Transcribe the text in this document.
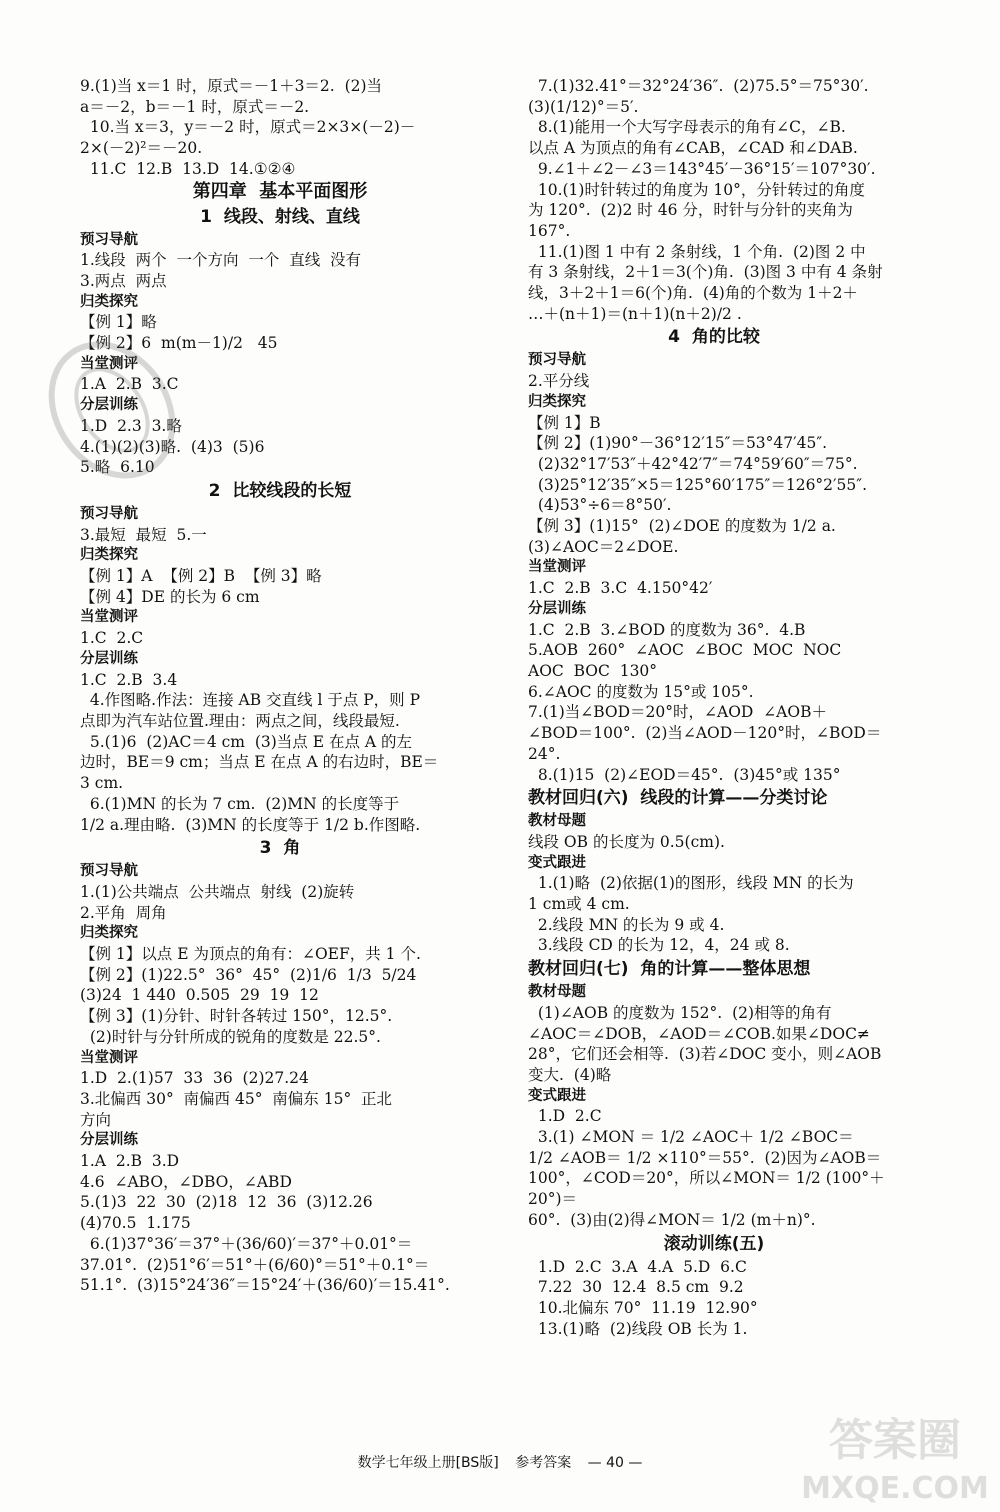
9.(1)当 x＝1 时，原式＝－1＋3＝2.  (2)当

a＝－2，b＝－1 时，原式＝－2.

10.当 x＝3，y＝－2 时，原式＝2×3×(－2)－

2×(－2)²＝－20.

11.C  12.B  13.D  14.①②④

第四章  基本平面图形

1  线段、射线、直线

预习导航

1.线段  两个  一个方向  一个  直线  没有

3.两点  两点

归类探究

【例 1】略

【例 2】6  m(m－1)/2   45

当堂测评

1.A  2.B  3.C

分层训练

1.D  2.3  3.略

4.(1)(2)(3)略.  (4)3  (5)6

5.略  6.10

2  比较线段的长短

预习导航

3.最短  最短  5.一

归类探究

【例 1】A  【例 2】B  【例 3】略

【例 4】DE 的长为 6 cm

当堂测评

1.C  2.C

分层训练

1.C  2.B  3.4

4.作图略.作法：连接 AB 交直线 l 于点 P，则 P

点即为汽车站位置.理由：两点之间，线段最短.

5.(1)6  (2)AC＝4 cm  (3)当点 E 在点 A 的左

边时，BE＝9 cm；当点 E 在点 A 的右边时，BE＝

3 cm.

6.(1)MN 的长为 7 cm.  (2)MN 的长度等于

1/2 a.理由略.  (3)MN 的长度等于 1/2 b.作图略.

3  角

预习导航

1.(1)公共端点  公共端点  射线  (2)旋转

2.平角  周角

归类探究

【例 1】以点 E 为顶点的角有：∠OEF，共 1 个.

【例 2】(1)22.5°  36°  45°  (2)1/6  1/3  5/24

(3)24  1 440  0.505  29  19  12

【例 3】(1)分针、时针各转过 150°，12.5°.

(2)时针与分针所成的锐角的度数是 22.5°.

当堂测评

1.D  2.(1)57  33  36  (2)27.24

3.北偏西 30°  南偏西 45°  南偏东 15°  正北

方向

分层训练

1.A  2.B  3.D

4.6  ∠ABO，∠DBO，∠ABD

5.(1)3  22  30  (2)18  12  36  (3)12.26

(4)70.5  1.175

6.(1)37°36′＝37°＋(36/60)′＝37°＋0.01°＝

37.01°.  (2)51°6′＝51°＋(6/60)°＝51°＋0.1°＝

51.1°.  (3)15°24′36″＝15°24′＋(36/60)′＝15.41°.

7.(1)32.41°＝32°24′36″.  (2)75.5°＝75°30′.

(3)(1/12)°＝5′.

8.(1)能用一个大写字母表示的角有∠C，∠B.

以点 A 为顶点的角有∠CAB，∠CAD 和∠DAB.

9.∠1＋∠2－∠3＝143°45′－36°15′＝107°30′.

10.(1)时针转过的角度为 10°，分针转过的角度

为 120°.  (2)2 时 46 分，时针与分针的夹角为 167°.

11.(1)图 1 中有 2 条射线，1 个角.  (2)图 2 中

有 3 条射线，2＋1＝3(个)角.  (3)图 3 中有 4 条射

线，3＋2＋1＝6(个)角.  (4)角的个数为 1＋2＋

…＋(n＋1)＝(n＋1)(n＋2)/2 .

4  角的比较

预习导航

2.平分线

归类探究

【例 1】B

【例 2】(1)90°－36°12′15″＝53°47′45″.

(2)32°17′53″＋42°42′7″＝74°59′60″＝75°.

(3)25°12′35″×5＝125°60′175″＝126°2′55″.

(4)53°÷6＝8°50′.

【例 3】(1)15°  (2)∠DOE 的度数为 1/2 a.

(3)∠AOC＝2∠DOE.

当堂测评

1.C  2.B  3.C  4.150°42′

分层训练

1.C  2.B  3.∠BOD 的度数为 36°.  4.B

5.AOB  260°  ∠AOC  ∠BOC  MOC  NOC

AOC  BOC  130°

6.∠AOC 的度数为 15°或 105°.

7.(1)当∠BOD＝20°时，∠AOD  ∠AOB＋

∠BOD＝100°.  (2)当∠AOD－120°时，∠BOD＝

24°.

8.(1)15  (2)∠EOD＝45°.  (3)45°或 135°

教材回归(六)  线段的计算——分类讨论

教材母题

线段 OB 的长度为 0.5(cm).

变式跟进

1.(1)略  (2)依据(1)的图形，线段 MN 的长为

1 cm或 4 cm.

2.线段 MN 的长为 9 或 4.

3.线段 CD 的长为 12，4，24 或 8.

教材回归(七)  角的计算——整体思想

教材母题

(1)∠AOB 的度数为 152°.  (2)相等的角有

∠AOC＝∠DOB，∠AOD＝∠COB.如果∠DOC≠

28°，它们还会相等.  (3)若∠DOC 变小，则∠AOB

变大.  (4)略

变式跟进

1.D  2.C

3.(1) ∠MON ＝ 1/2 ∠AOC＋ 1/2 ∠BOC＝

1/2 ∠AOB＝ 1/2 ×110°＝55°.  (2)因为∠AOB＝

100°，∠COD＝20°，所以∠MON＝ 1/2 (100°＋20°)＝

60°.  (3)由(2)得∠MON＝ 1/2 (m＋n)°.

滚动训练(五)

1.D  2.C  3.A  4.A  5.D  6.C

7.22  30  12.4  8.5 cm  9.2

10.北偏东 70°  11.19  12.90°

13.(1)略  (2)线段 OB 长为 1.

答案圈
MXQE.COM
数学七年级上册[BS版] 参考答案 — 40 —
